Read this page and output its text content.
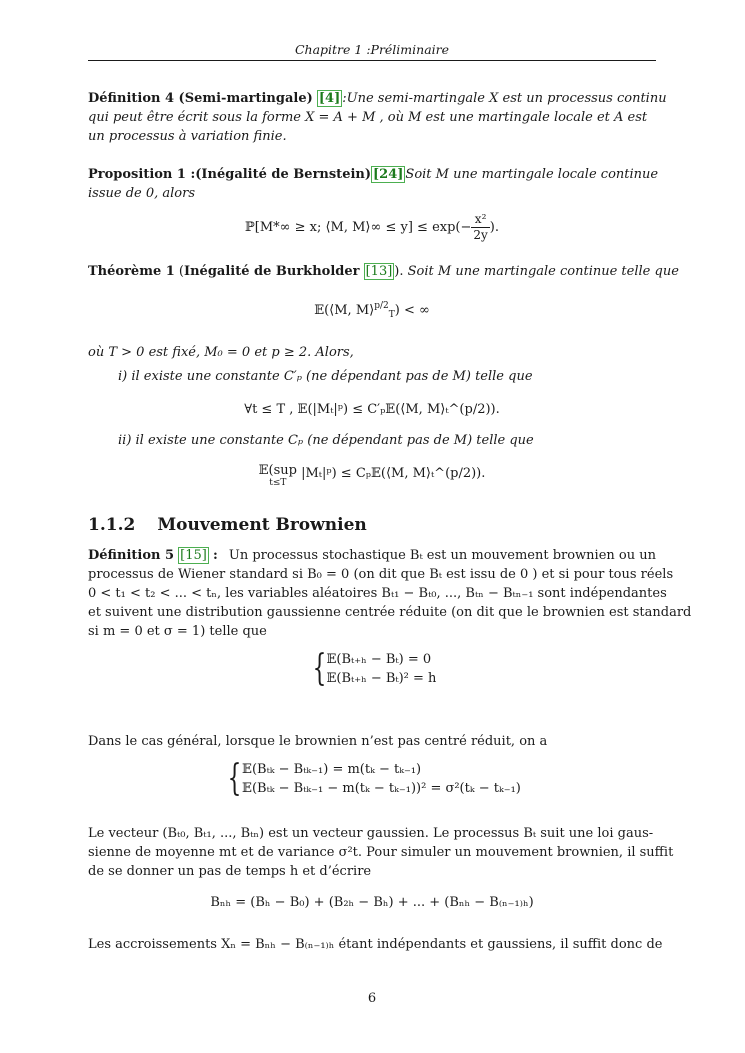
Chapitre 1 :Préliminaire
Définition 4 (Semi-martingale) [4] :Une semi-martingale X est un processus continu
qui peut être écrit sous la forme X = A + M , où M est une martingale locale et A est
un processus à variation finie.
Proposition 1 :(Inégalité de Bernstein) [24] Soit M une martingale locale continue
issue de 0, alors
ℙ[M*∞ ≥ x; ⟨M, M⟩∞ ≤ $y] \le \exp(- \frac{\text{x²}}{2y}$ ).
Théorème 1 (Inégalité de Burkholder [13] ). Soit M une martingale continue telle que
𝔼(⟨M, M⟩$^{p/2}_T$) < ∞
où T > 0 est fixé, M₀ = 0 et p ≥ 2. Alors,
i) il existe une constante C′ₚ (ne dépendant pas de M) telle que
∀t ≤ T , 𝔼(|Mₜ|ᵖ) ≤ C′ₚ𝔼(⟨M, M⟩ₜ^(p/2)).
ii) il existe une constante Cₚ (ne dépendant pas de M) telle que
𝔼(sup
t≤T
|Mₜ|ᵖ) ≤ Cₚ𝔼(⟨M, M⟩ₜ^(p/2)).
1.1.2 Mouvement Brownien
Définition 5 [15] : Un processus stochastique Bₜ est un mouvement brownien ou un
processus de Wiener standard si B₀ = 0 (on dit que Bₜ est issu de 0 ) et si pour tous réels
0 < t₁ < t₂ < ... < tₙ, les variables aléatoires Bₜ₁ − Bₜ₀, ..., Bₜₙ − Bₜₙ₋₁ sont indépendantes
et suivent une distribution gaussienne centrée réduite (on dit que le brownien est standard
si m = 0 et σ = 1) telle que
{ 𝔼(Bₜ₊ₕ − Bₜ) = 0
𝔼(Bₜ₊ₕ − Bₜ)² = h
Dans le cas général, lorsque le brownien n’est pas centré réduit, on a
{ 𝔼(Bₜₖ − Bₜₖ₋₁) = m(tₖ − tₖ₋₁)
𝔼(Bₜₖ − Bₜₖ₋₁ − m(tₖ − tₖ₋₁))² = σ²(tₖ − tₖ₋₁)
Le vecteur (Bₜ₀, Bₜ₁, ..., Bₜₙ) est un vecteur gaussien. Le processus Bₜ suit une loi gaus-
sienne de moyenne mt et de variance σ²t. Pour simuler un mouvement brownien, il suffit
de se donner un pas de temps h et d’écrire
Bₙₕ = (Bₕ − B₀) + (B₂ₕ − Bₕ) + ... + (Bₙₕ − B₍ₙ₋₁₎ₕ)
Les accroissements Xₙ = Bₙₕ − B₍ₙ₋₁₎ₕ étant indépendants et gaussiens, il suffit donc de
6
